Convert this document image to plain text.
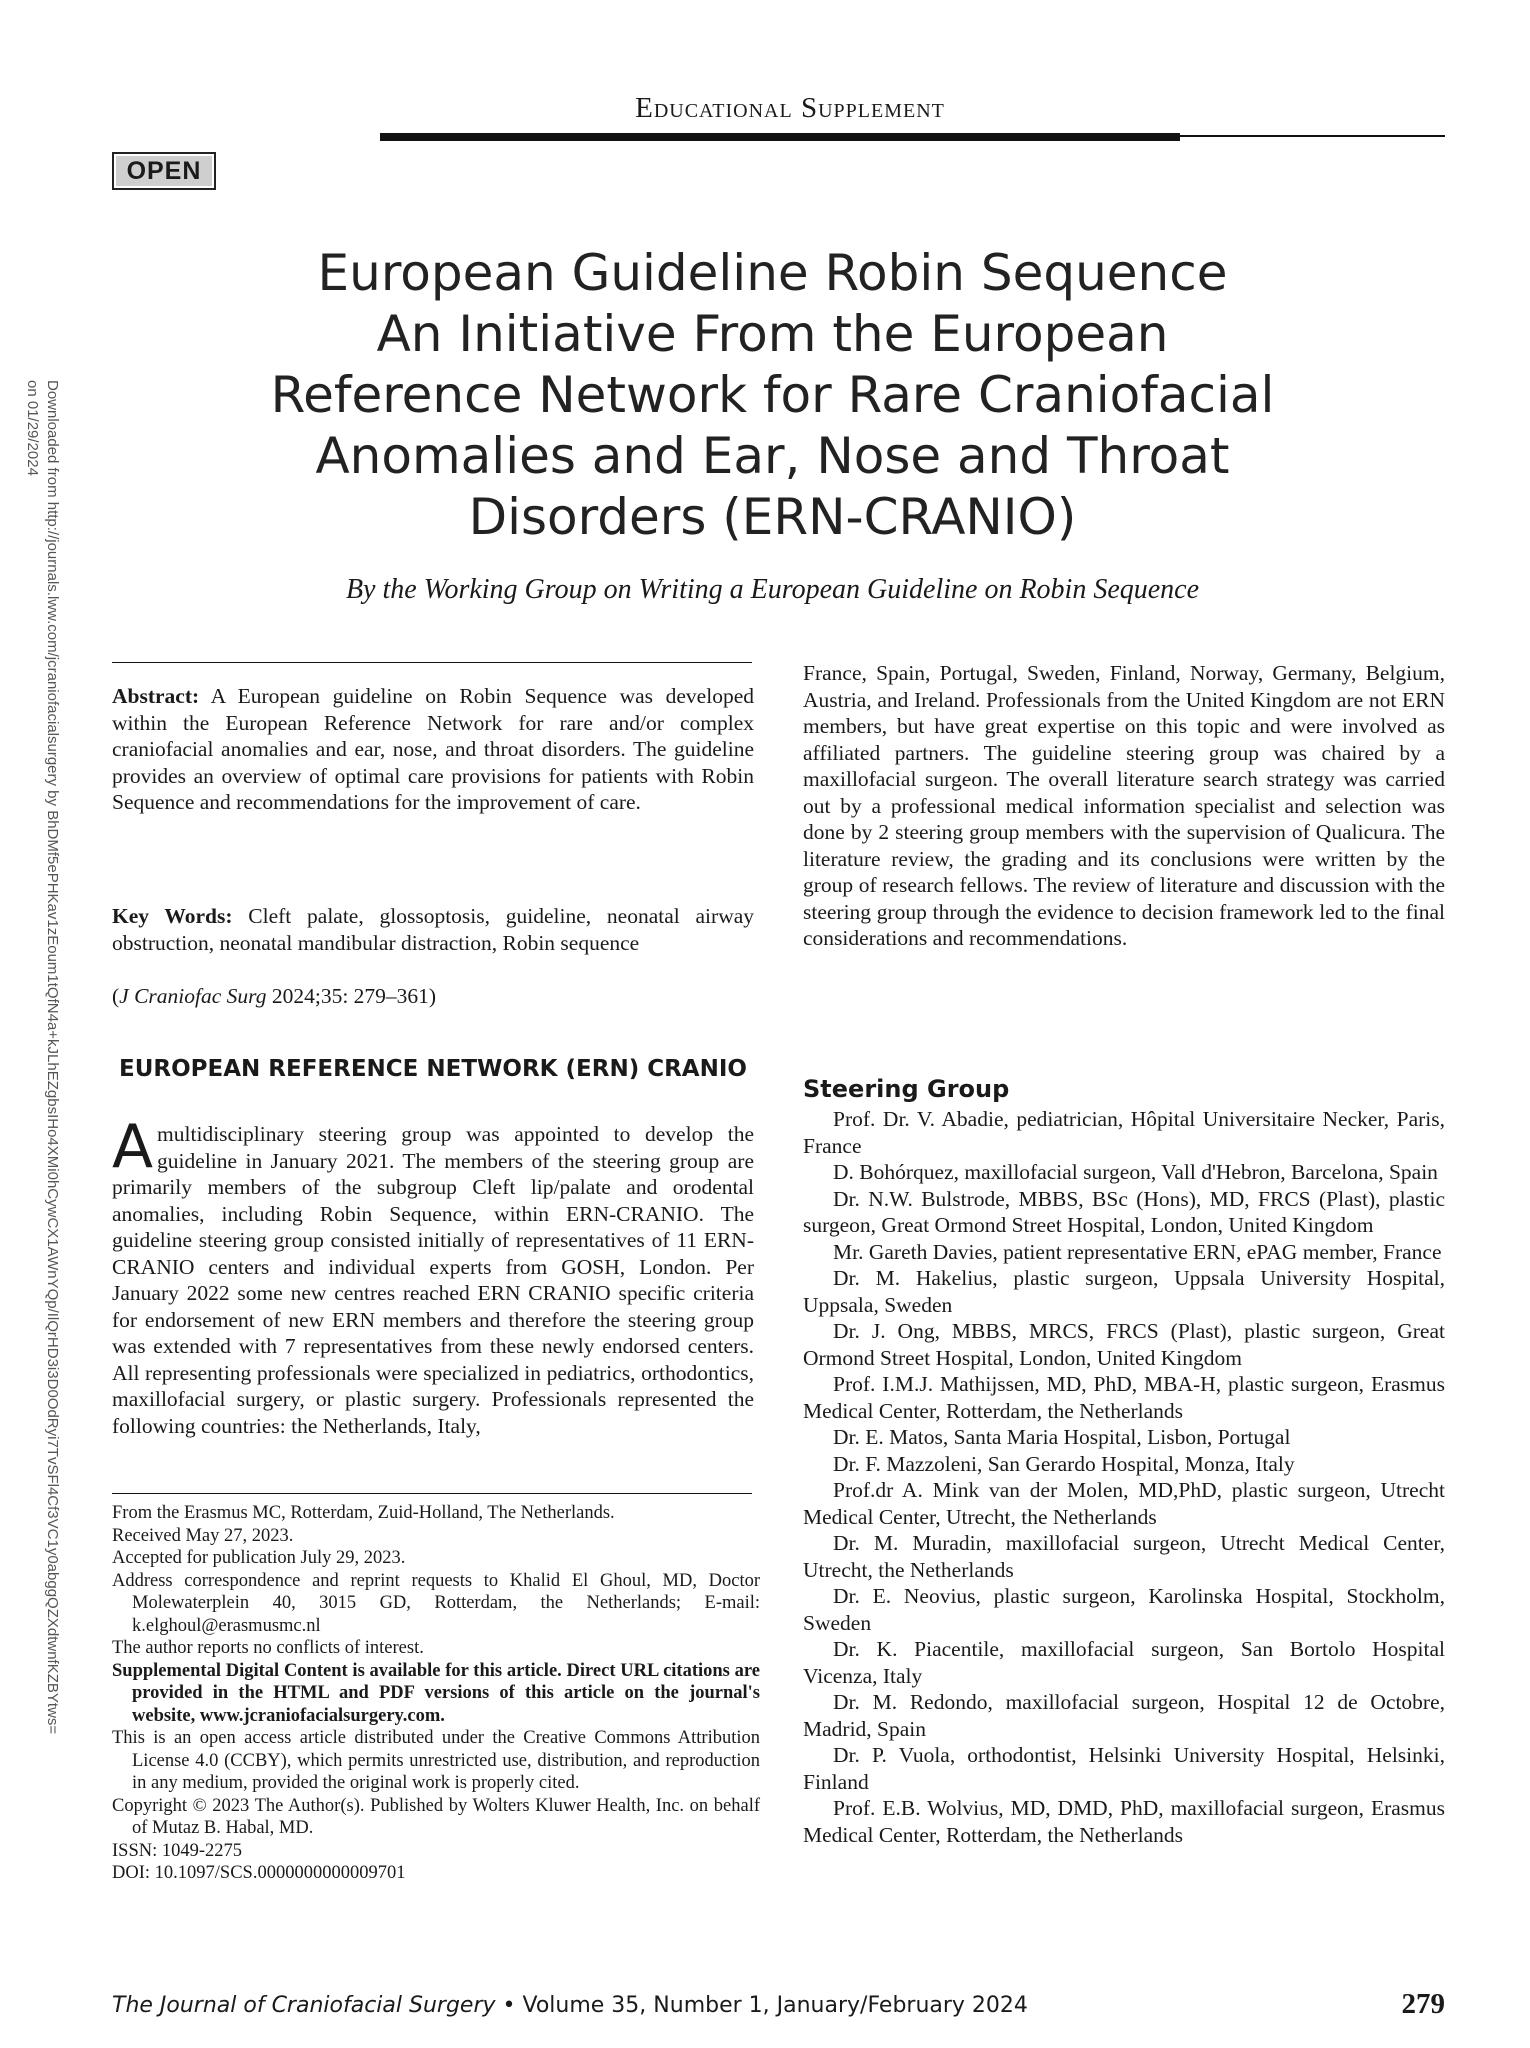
Educational Supplement
OPEN
Downloaded from http://journals.lww.com/jcraniofacialsurgery by BhDMf5ePHKav1zEoum1tQfN4a+kJLhEZgbsIHo4XMi0hCywCX1AWnYQp/IlQrHD3i3D0OdRyi7TvSFl4Cf3VC1y0abggQZXdtwnfKZBYtws= on 01/29/2024
European Guideline Robin Sequence
An Initiative From the European
Reference Network for Rare Craniofacial
Anomalies and Ear, Nose and Throat
Disorders (ERN-CRANIO)
By the Working Group on Writing a European Guideline on Robin Sequence

Abstract: A European guideline on Robin Sequence was developed within the European Reference Network for rare and/or complex craniofacial anomalies and ear, nose, and throat disorders. The guideline provides an overview of optimal care provisions for patients with Robin Sequence and recommendations for the improvement of care.

Key Words: Cleft palate, glossoptosis, guideline, neonatal airway obstruction, neonatal mandibular distraction, Robin sequence

(J Craniofac Surg 2024;35: 279–361)

EUROPEAN REFERENCE NETWORK (ERN) CRANIO

Amultidisciplinary steering group was appointed to develop the guideline in January 2021. The members of the steering group are primarily members of the subgroup Cleft lip/palate and orodental anomalies, including Robin Sequence, within ERN-CRANIO. The guideline steering group consisted initially of representatives of 11 ERN-CRANIO centers and individual experts from GOSH, London. Per January 2022 some new centres reached ERN CRANIO specific criteria for endorsement of new ERN members and therefore the steering group was extended with 7 representatives from these newly endorsed centers. All representing professionals were specialized in pediatrics, orthodontics, maxillofacial surgery, or plastic surgery. Professionals represented the following countries: the Netherlands, Italy,

From the Erasmus MC, Rotterdam, Zuid-Holland, The Netherlands.

Received May 27, 2023.

Accepted for publication July 29, 2023.

Address correspondence and reprint requests to Khalid El Ghoul, MD, Doctor Molewaterplein 40, 3015 GD, Rotterdam, the Netherlands; E-mail: k.elghoul@erasmusmc.nl

The author reports no conflicts of interest.

Supplemental Digital Content is available for this article. Direct URL citations are provided in the HTML and PDF versions of this article on the journal's website, www.jcraniofacialsurgery.com.

This is an open access article distributed under the Creative Commons Attribution License 4.0 (CCBY), which permits unrestricted use, distribution, and reproduction in any medium, provided the original work is properly cited.

Copyright © 2023 The Author(s). Published by Wolters Kluwer Health, Inc. on behalf of Mutaz B. Habal, MD.

ISSN: 1049-2275

DOI: 10.1097/SCS.0000000000009701

France, Spain, Portugal, Sweden, Finland, Norway, Germany, Belgium, Austria, and Ireland. Professionals from the United Kingdom are not ERN members, but have great expertise on this topic and were involved as affiliated partners. The guideline steering group was chaired by a maxillofacial surgeon. The overall literature search strategy was carried out by a professional medical information specialist and selection was done by 2 steering group members with the supervision of Qualicura. The literature review, the grading and its conclusions were written by the group of research fellows. The review of literature and discussion with the steering group through the evidence to decision framework led to the final considerations and recommendations.

Steering Group

Prof. Dr. V. Abadie, pediatrician, Hôpital Universitaire Necker, Paris, France

D. Bohórquez, maxillofacial surgeon, Vall d'Hebron, Barcelona, Spain

Dr. N.W. Bulstrode, MBBS, BSc (Hons), MD, FRCS (Plast), plastic surgeon, Great Ormond Street Hospital, London, United Kingdom

Mr. Gareth Davies, patient representative ERN, ePAG member, France

Dr. M. Hakelius, plastic surgeon, Uppsala University Hospital, Uppsala, Sweden

Dr. J. Ong, MBBS, MRCS, FRCS (Plast), plastic surgeon, Great Ormond Street Hospital, London, United Kingdom

Prof. I.M.J. Mathijssen, MD, PhD, MBA-H, plastic surgeon, Erasmus Medical Center, Rotterdam, the Netherlands

Dr. E. Matos, Santa Maria Hospital, Lisbon, Portugal

Dr. F. Mazzoleni, San Gerardo Hospital, Monza, Italy

Prof.dr A. Mink van der Molen, MD,PhD, plastic surgeon, Utrecht Medical Center, Utrecht, the Netherlands

Dr. M. Muradin, maxillofacial surgeon, Utrecht Medical Center, Utrecht, the Netherlands

Dr. E. Neovius, plastic surgeon, Karolinska Hospital, Stockholm, Sweden

Dr. K. Piacentile, maxillofacial surgeon, San Bortolo Hospital Vicenza, Italy

Dr. M. Redondo, maxillofacial surgeon, Hospital 12 de Octobre, Madrid, Spain

Dr. P. Vuola, orthodontist, Helsinki University Hospital, Helsinki, Finland

Prof. E.B. Wolvius, MD, DMD, PhD, maxillofacial surgeon, Erasmus Medical Center, Rotterdam, the Netherlands

The Journal of Craniofacial Surgery • Volume 35, Number 1, January/February 2024	279
